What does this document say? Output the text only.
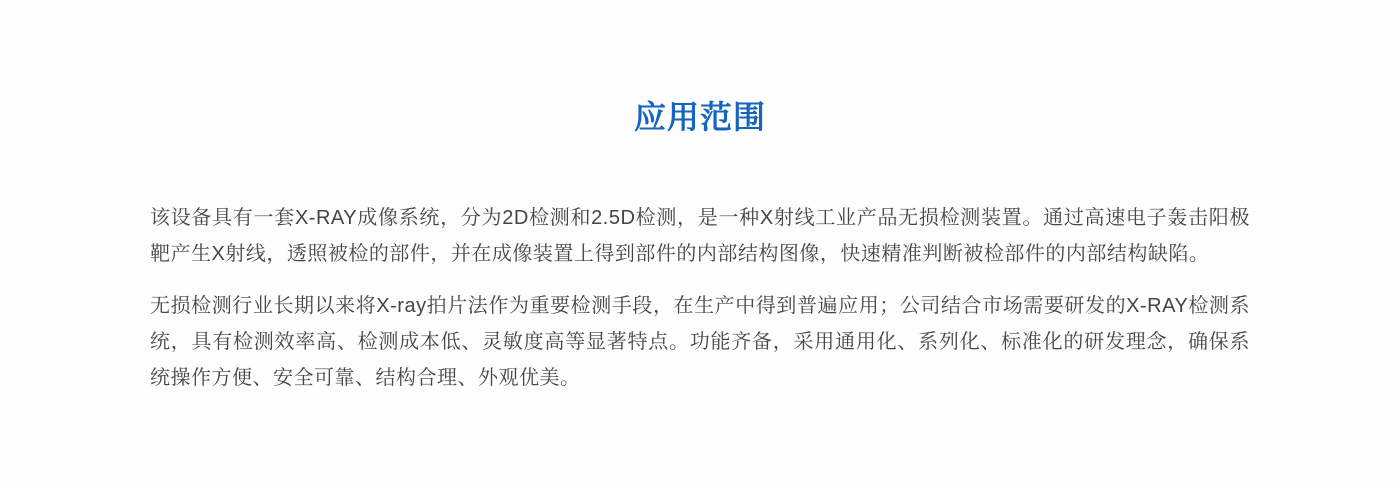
应用范围

该设备具有一套X-RAY成像系统，分为2D检测和2.5D检测，是一种X射线工业产品无损检测装置。通过高速电子轰击阳极靶产生X射线，透照被检的部件，并在成像装置上得到部件的内部结构图像，快速精准判断被检部件的内部结构缺陷。

无损检测行业长期以来将X-ray拍片法作为重要检测手段，在生产中得到普遍应用；公司结合市场需要研发的X-RAY检测系统，具有检测效率高、检测成本低、灵敏度高等显著特点。功能齐备，采用通用化、系列化、标准化的研发理念，确保系统操作方便、安全可靠、结构合理、外观优美。
